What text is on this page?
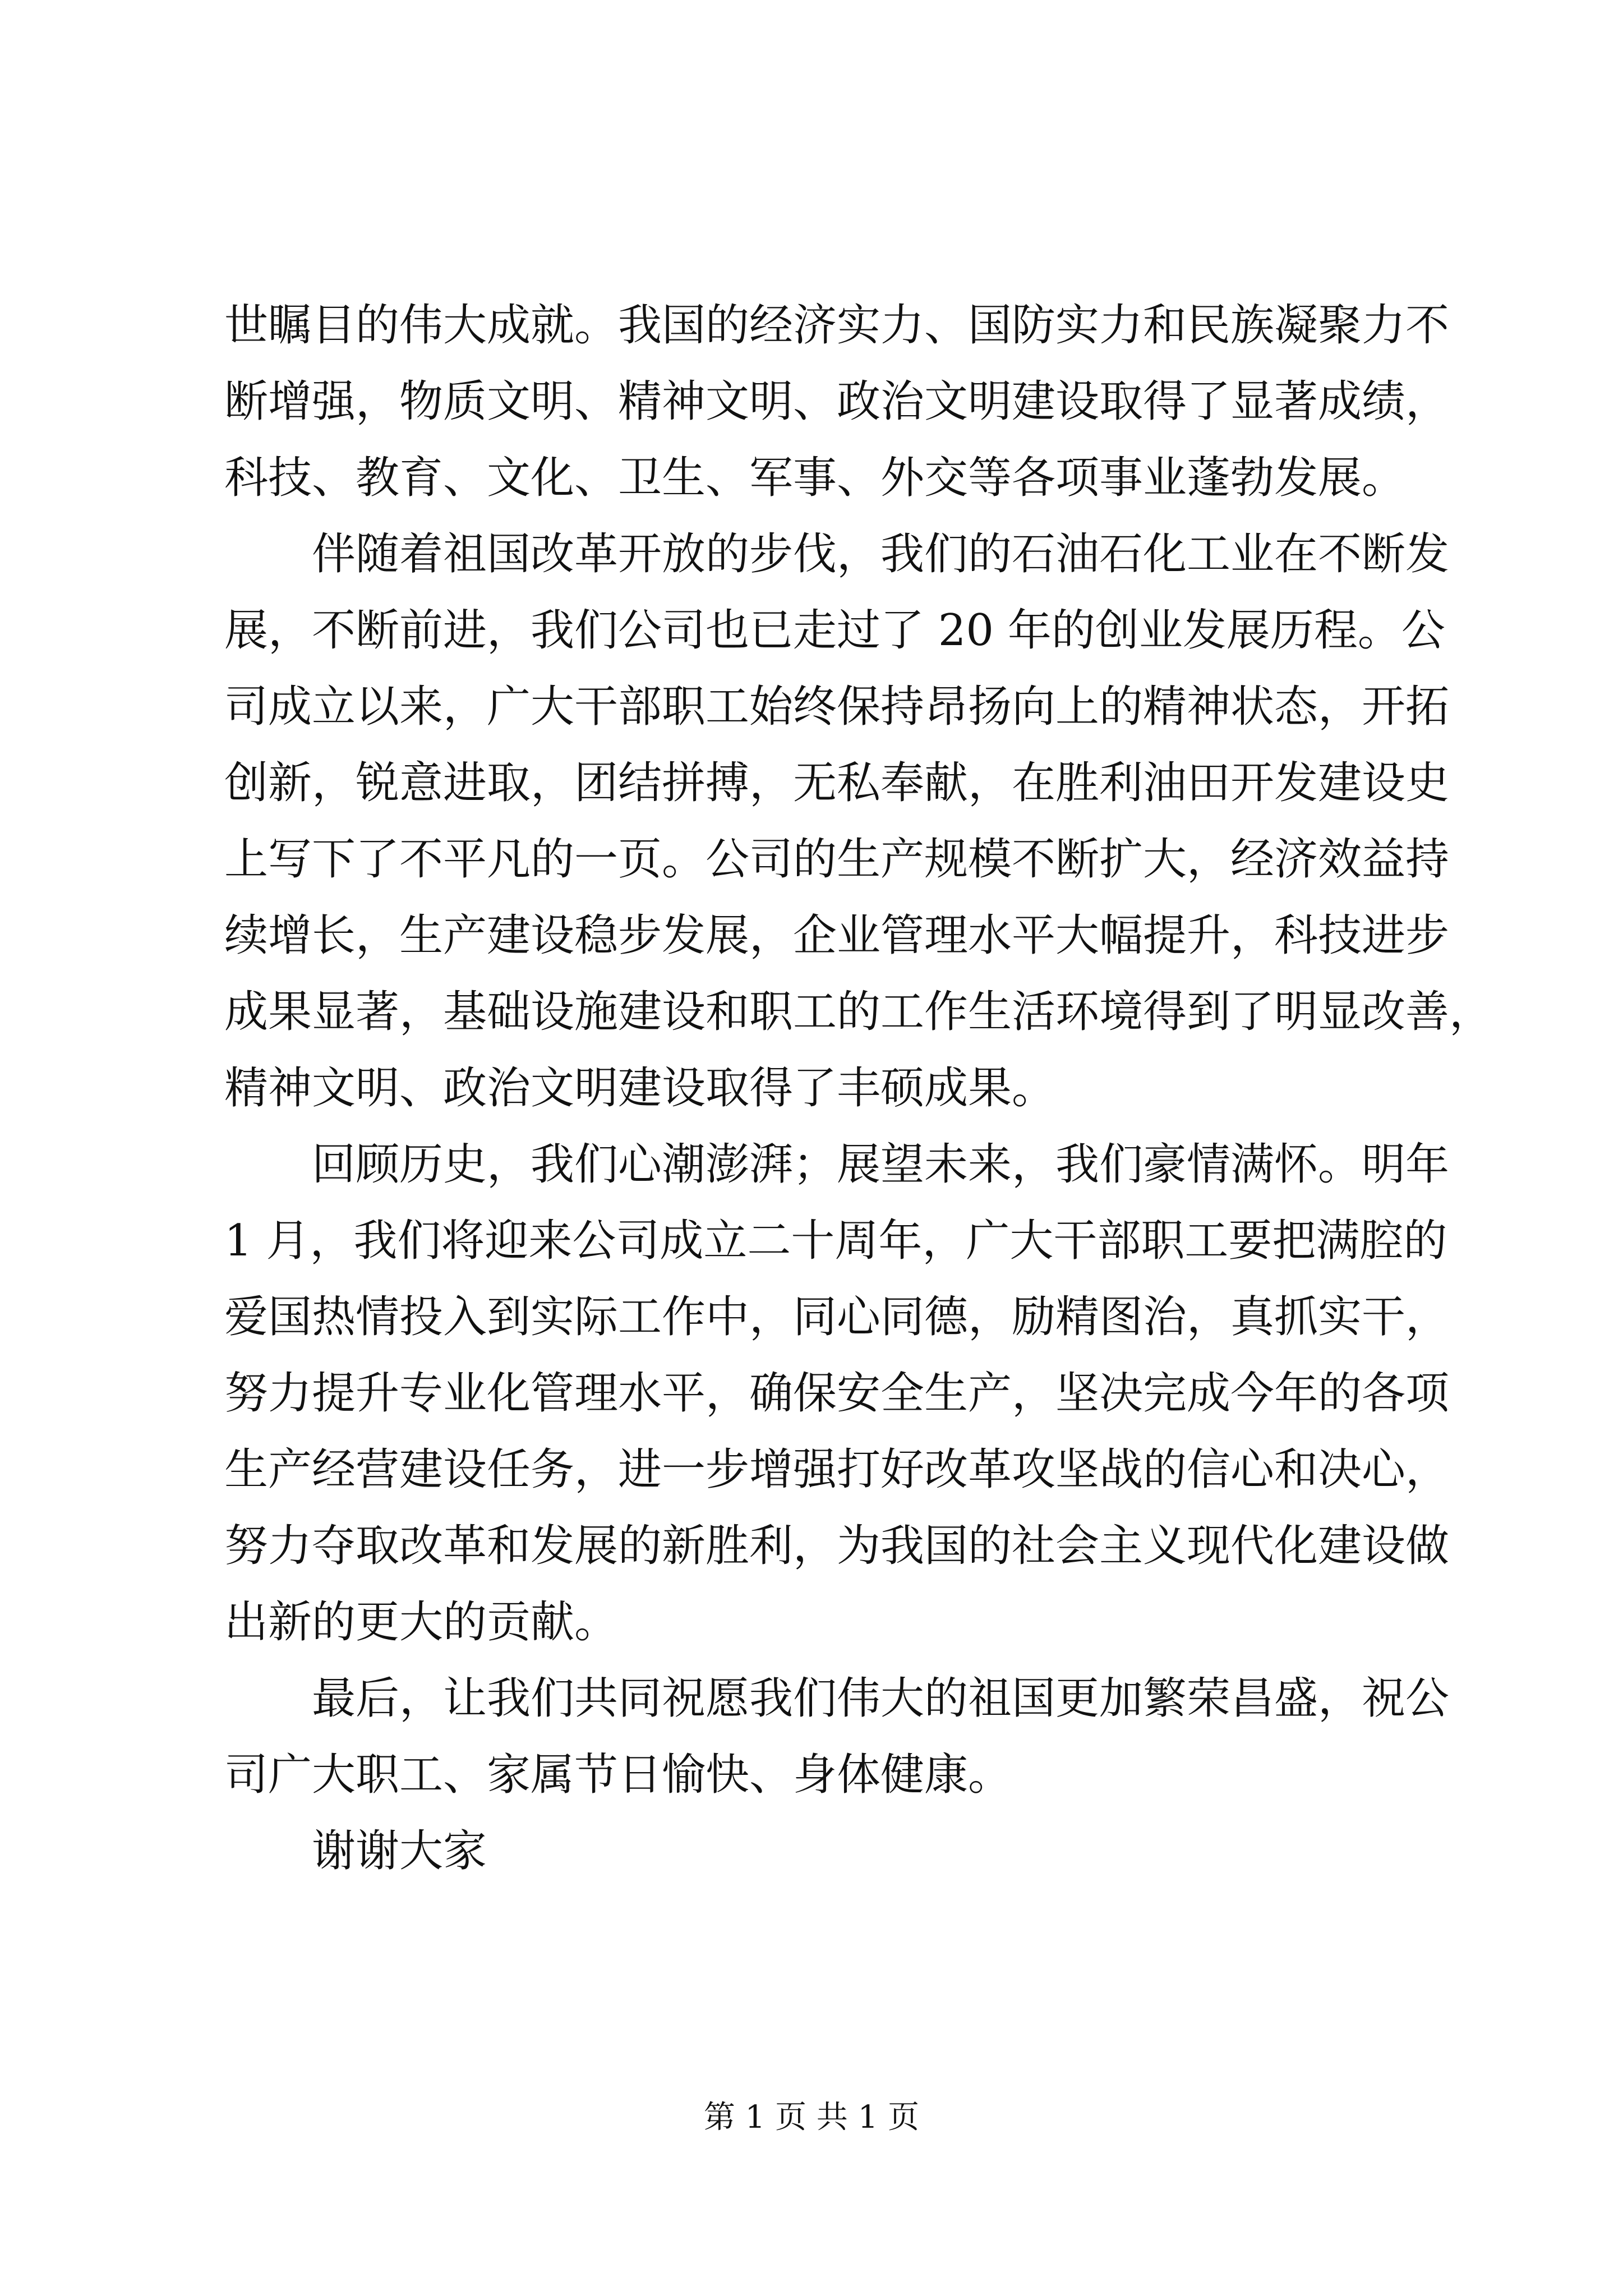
世瞩目的伟大成就。我国的经济实力、国防实力和民族凝聚力不
断增强，物质文明、精神文明、政治文明建设取得了显著成绩，
科技、教育、文化、卫生、军事、外交等各项事业蓬勃发展。
伴随着祖国改革开放的步伐，我们的石油石化工业在不断发
展，不断前进，我们公司也已走过了 20 年的创业发展历程。公
司成立以来，广大干部职工始终保持昂扬向上的精神状态，开拓
创新，锐意进取，团结拼搏，无私奉献，在胜利油田开发建设史
上写下了不平凡的一页。公司的生产规模不断扩大，经济效益持
续增长，生产建设稳步发展，企业管理水平大幅提升，科技进步
成果显著，基础设施建设和职工的工作生活环境得到了明显改善，
精神文明、政治文明建设取得了丰硕成果。
回顾历史，我们心潮澎湃；展望未来，我们豪情满怀。明年
1 月，我们将迎来公司成立二十周年，广大干部职工要把满腔的
爱国热情投入到实际工作中，同心同德，励精图治，真抓实干，
努力提升专业化管理水平，确保安全生产，坚决完成今年的各项
生产经营建设任务，进一步增强打好改革攻坚战的信心和决心，
努力夺取改革和发展的新胜利，为我国的社会主义现代化建设做
出新的更大的贡献。
最后，让我们共同祝愿我们伟大的祖国更加繁荣昌盛，祝公
司广大职工、家属节日愉快、身体健康。
谢谢大家
第 1 页 共 1 页
